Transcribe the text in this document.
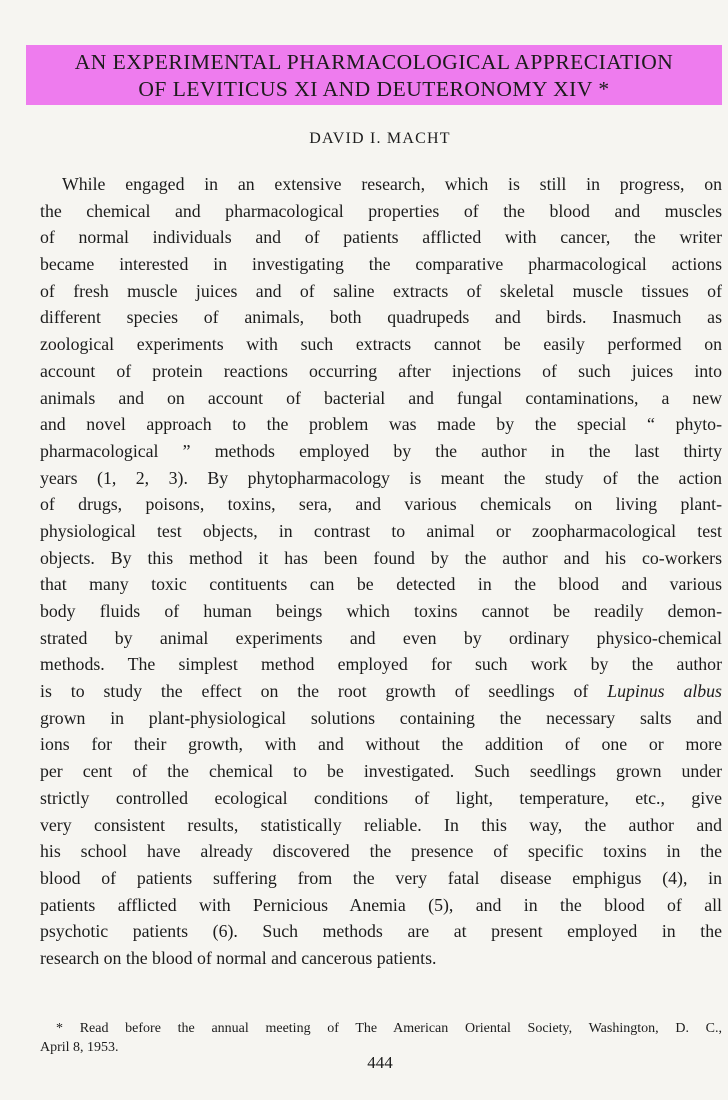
AN EXPERIMENTAL PHARMACOLOGICAL APPRECIATION
OF LEVITICUS XI AND DEUTERONOMY XIV *
DAVID I. MACHT
While engaged in an extensive research, which is still in progress, on
the chemical and pharmacological properties of the blood and muscles
of normal individuals and of patients afflicted with cancer, the writer
became interested in investigating the comparative pharmacological actions
of fresh muscle juices and of saline extracts of skeletal muscle tissues of
different species of animals, both quadrupeds and birds. Inasmuch as
zoological experiments with such extracts cannot be easily performed on
account of protein reactions occurring after injections of such juices into
animals and on account of bacterial and fungal contaminations, a new
and novel approach to the problem was made by the special “ phyto-
pharmacological ” methods employed by the author in the last thirty
years (1, 2, 3). By phytopharmacology is meant the study of the action
of drugs, poisons, toxins, sera, and various chemicals on living plant-
physiological test objects, in contrast to animal or zoopharmacological test
objects. By this method it has been found by the author and his co-workers
that many toxic contituents can be detected in the blood and various
body fluids of human beings which toxins cannot be readily demon-
strated by animal experiments and even by ordinary physico-chemical
methods. The simplest method employed for such work by the author
is to study the effect on the root growth of seedlings of Lupinus albus
grown in plant-physiological solutions containing the necessary salts and
ions for their growth, with and without the addition of one or more
per cent of the chemical to be investigated. Such seedlings grown under
strictly controlled ecological conditions of light, temperature, etc., give
very consistent results, statistically reliable. In this way, the author and
his school have already discovered the presence of specific toxins in the
blood of patients suffering from the very fatal disease emphigus (4), in
patients afflicted with Pernicious Anemia (5), and in the blood of all
psychotic patients (6). Such methods are at present employed in the
research on the blood of normal and cancerous patients.
* Read before the annual meeting of The American Oriental Society, Washington, D. C.,
April 8, 1953.
444
